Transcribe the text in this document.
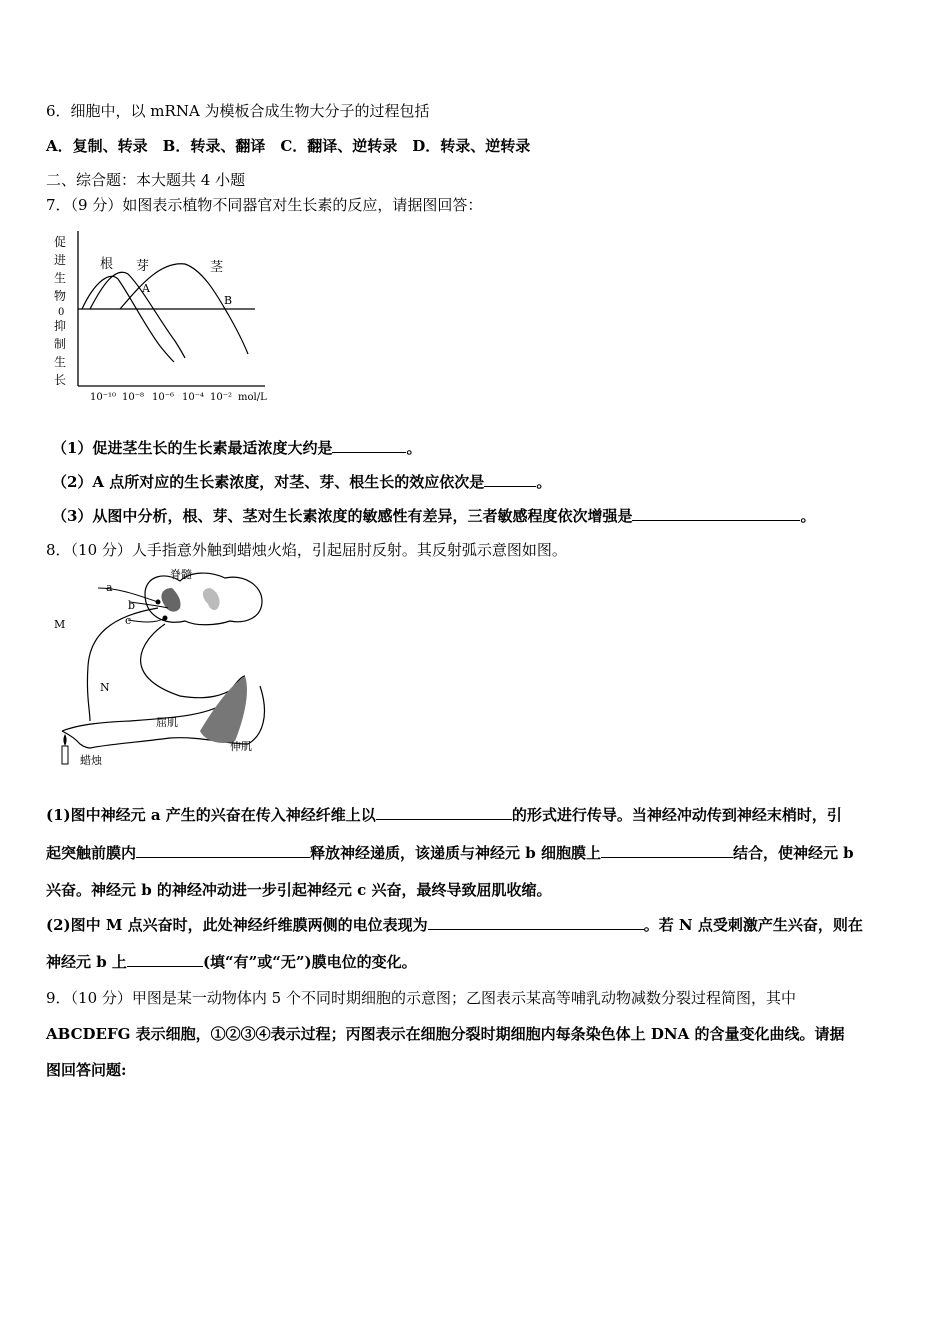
6．细胞中，以 mRNA 为模板合成生物大分子的过程包括
A．复制、转录　B．转录、翻译　C．翻译、逆转录　D．转录、逆转录
二、综合题：本大题共 4 小题
7．（9 分）如图表示植物不同器官对生长素的反应，请据图回答：
促
进
生
物
0
抑
制
生
长
根 芽	茎
A
B
10⁻¹⁰ 10⁻⁸ 10⁻⁶ 10⁻⁴ 10⁻² mol/L
（1）促进茎生长的生长素最适浓度大约是	。
（2）A 点所对应的生长素浓度，对茎、芽、根生长的效应依次是	。
（3）从图中分析，根、芽、茎对生长素浓度的敏感性有差异，三者敏感程度依次增强是	。
8．（10 分）人手指意外触到蜡烛火焰，引起屈肘反射。其反射弧示意图如图。
脊髓
a
b
c
M
N
屈肌
伸肌
蜡烛
(1)图中神经元 a 产生的兴奋在传入神经纤维上以	的形式进行传导。当神经冲动传到神经末梢时，引
起突触前膜内	释放神经递质，该递质与神经元 b 细胞膜上	结合，使神经元 b
兴奋。神经元 b 的神经冲动进一步引起神经元 c 兴奋，最终导致屈肌收缩。
(2)图中 M 点兴奋时，此处神经纤维膜两侧的电位表现为	。若 N 点受刺激产生兴奋，则在
神经元 b 上	(填“有”或“无”)膜电位的变化。
9．（10 分）甲图是某一动物体内 5 个不同时期细胞的示意图；乙图表示某高等哺乳动物减数分裂过程简图，其中
ABCDEFG 表示细胞，①②③④表示过程；丙图表示在细胞分裂时期细胞内每条染色体上 DNA 的含量变化曲线。请据
图回答问题:
